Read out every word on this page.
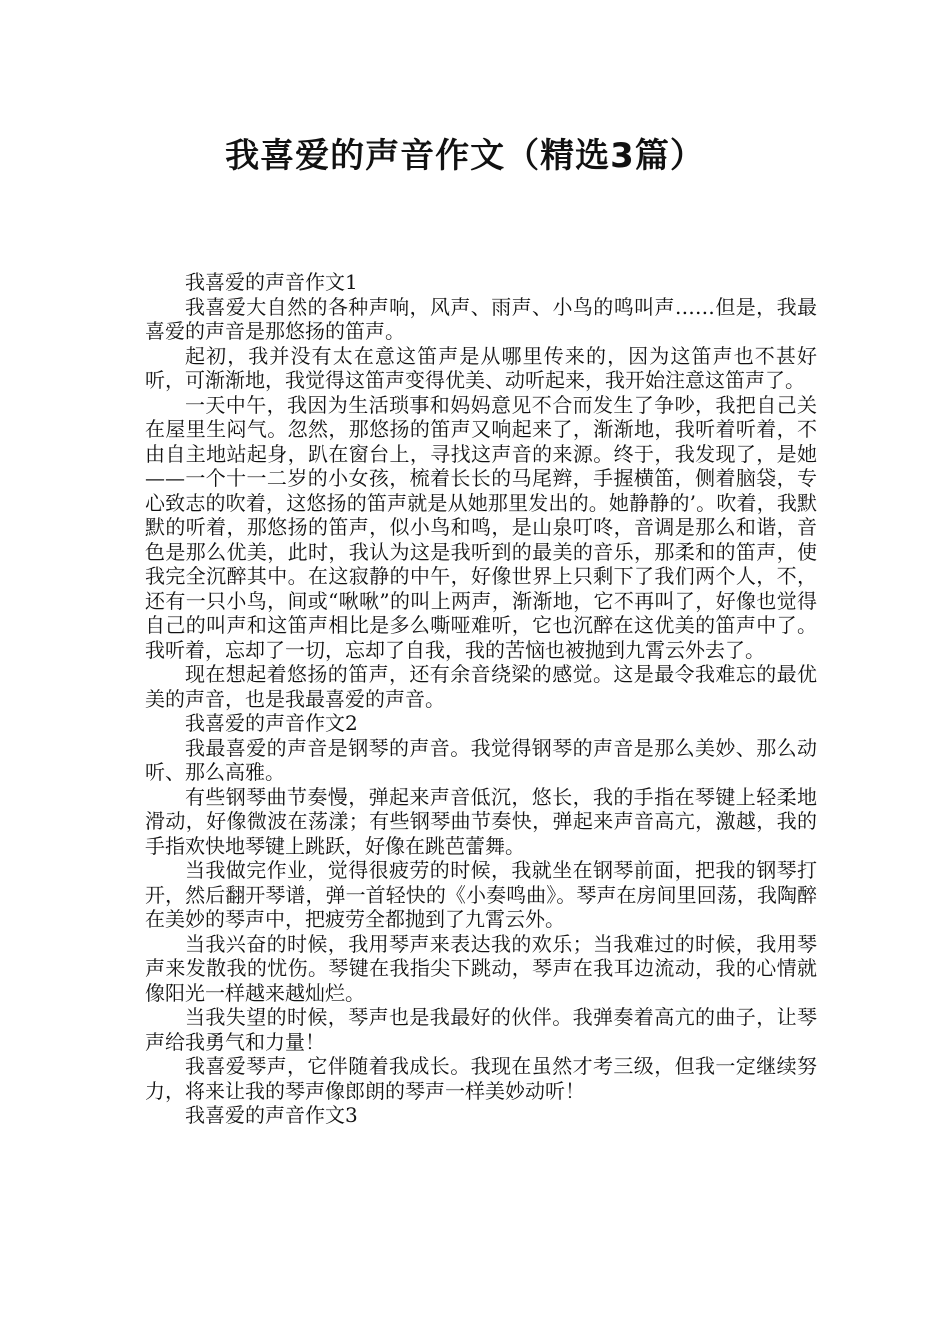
我喜爱的声音作文（精选3篇）

我喜爱的声音作文1

我喜爱大自然的各种声响，风声、雨声、小鸟的鸣叫声……但是，我最喜爱的声音是那悠扬的笛声。

起初，我并没有太在意这笛声是从哪里传来的，因为这笛声也不甚好听，可渐渐地，我觉得这笛声变得优美、动听起来，我开始注意这笛声了。

一天中午，我因为生活琐事和妈妈意见不合而发生了争吵，我把自己关在屋里生闷气。忽然，那悠扬的笛声又响起来了，渐渐地，我听着听着，不由自主地站起身，趴在窗台上，寻找这声音的来源。终于，我发现了，是她——一个十一二岁的小女孩，梳着长长的马尾辫，手握横笛，侧着脑袋，专心致志的吹着，这悠扬的笛声就是从她那里发出的。她静静的’。吹着，我默默的听着，那悠扬的笛声，似小鸟和鸣，是山泉叮咚，音调是那么和谐，音色是那么优美，此时，我认为这是我听到的最美的音乐，那柔和的笛声，使我完全沉醉其中。在这寂静的中午，好像世界上只剩下了我们两个人，不，还有一只小鸟，间或“啾啾”的叫上两声，渐渐地，它不再叫了，好像也觉得自己的叫声和这笛声相比是多么嘶哑难听，它也沉醉在这优美的笛声中了。我听着，忘却了一切，忘却了自我，我的苦恼也被抛到九霄云外去了。

现在想起着悠扬的笛声，还有余音绕梁的感觉。这是最令我难忘的最优美的声音，也是我最喜爱的声音。

我喜爱的声音作文2

我最喜爱的声音是钢琴的声音。我觉得钢琴的声音是那么美妙、那么动听、那么高雅。

有些钢琴曲节奏慢，弹起来声音低沉，悠长，我的手指在琴键上轻柔地滑动，好像微波在荡漾；有些钢琴曲节奏快，弹起来声音高亢，激越，我的手指欢快地琴键上跳跃，好像在跳芭蕾舞。

当我做完作业，觉得很疲劳的时候，我就坐在钢琴前面，把我的钢琴打开，然后翻开琴谱，弹一首轻快的《小奏鸣曲》。琴声在房间里回荡，我陶醉在美妙的琴声中，把疲劳全都抛到了九霄云外。

当我兴奋的时候，我用琴声来表达我的欢乐；当我难过的时候，我用琴声来发散我的忧伤。琴键在我指尖下跳动，琴声在我耳边流动，我的心情就像阳光一样越来越灿烂。

当我失望的时候，琴声也是我最好的伙伴。我弹奏着高亢的曲子，让琴声给我勇气和力量！

我喜爱琴声，它伴随着我成长。我现在虽然才考三级，但我一定继续努力，将来让我的琴声像郎朗的琴声一样美妙动听！

我喜爱的声音作文3
